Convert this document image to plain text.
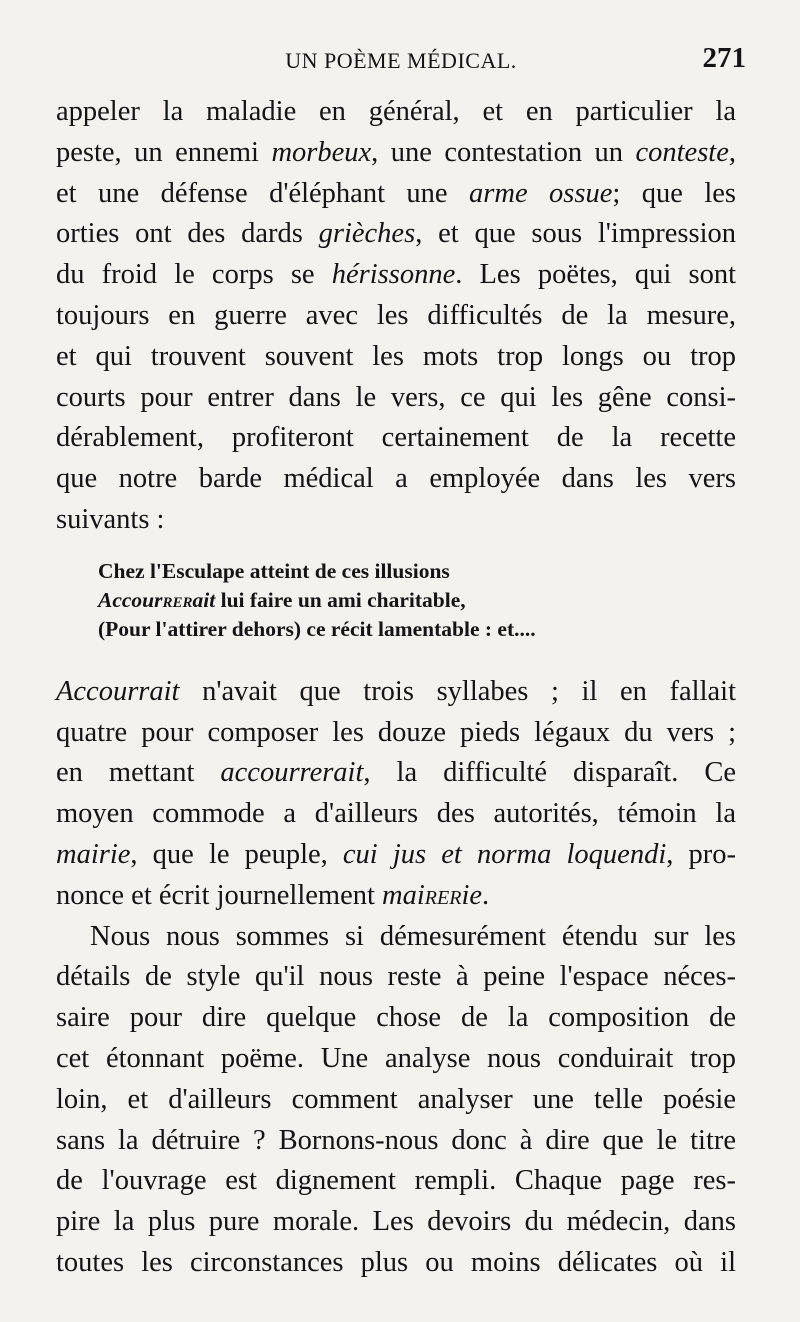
UN POÈME MÉDICAL.	271
appeler la maladie en général, et en particulier la
peste, un ennemi morbeux, une contestation un conteste,
et une défense d'éléphant une arme ossue; que les
orties ont des dards grièches, et que sous l'impression
du froid le corps se hérissonne. Les poëtes, qui sont
toujours en guerre avec les difficultés de la mesure,
et qui trouvent souvent les mots trop longs ou trop
courts pour entrer dans le vers, ce qui les gêne consi-
dérablement, profiteront certainement de la recette
que notre barde médical a employée dans les vers
suivants :
Chez l'Esculape atteint de ces illusions
Accourrerait lui faire un ami charitable,
(Pour l'attirer dehors) ce récit lamentable : et....
Accourrait n'avait que trois syllabes ; il en fallait
quatre pour composer les douze pieds légaux du vers ;
en mettant accourrerait, la difficulté disparaît. Ce
moyen commode a d'ailleurs des autorités, témoin la
mairie, que le peuple, cui jus et norma loquendi, pro-
nonce et écrit journellement mairerie.
Nous nous sommes si démesurément étendu sur les
détails de style qu'il nous reste à peine l'espace néces-
saire pour dire quelque chose de la composition de
cet étonnant poëme. Une analyse nous conduirait trop
loin, et d'ailleurs comment analyser une telle poésie
sans la détruire ? Bornons-nous donc à dire que le titre
de l'ouvrage est dignement rempli. Chaque page res-
pire la plus pure morale. Les devoirs du médecin, dans
toutes les circonstances plus ou moins délicates où il
